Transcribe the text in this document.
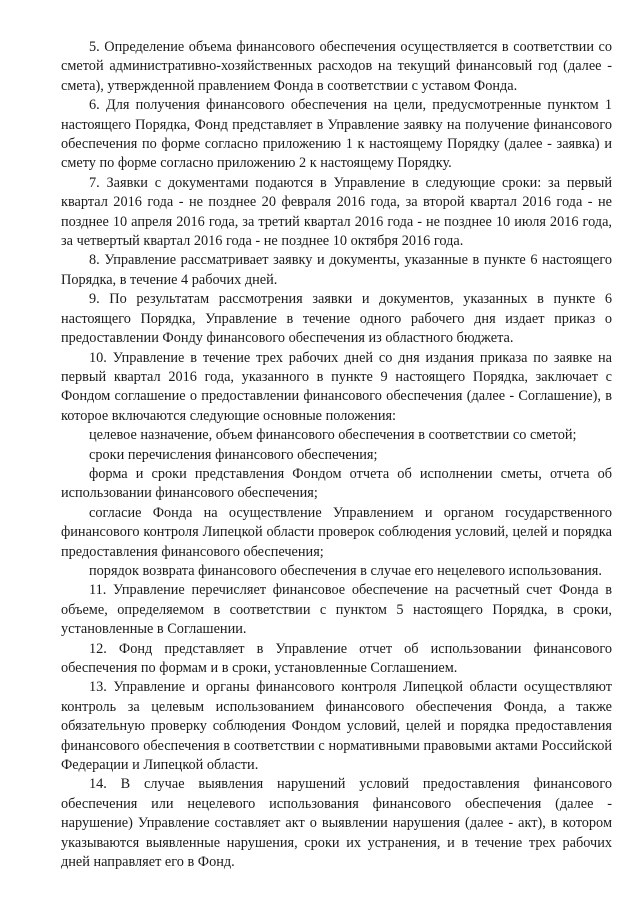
5. Определение объема финансового обеспечения осуществляется в соответствии со сметой административно-хозяйственных расходов на текущий финансовый год (далее - смета), утвержденной правлением Фонда в соответствии с уставом Фонда.

6. Для получения финансового обеспечения на цели, предусмотренные пунктом 1 настоящего Порядка, Фонд представляет в Управление заявку на получение финансового обеспечения по форме согласно приложению 1 к настоящему Порядку (далее - заявка) и смету по форме согласно приложению 2 к настоящему Порядку.

7. Заявки с документами подаются в Управление в следующие сроки: за первый квартал 2016 года - не позднее 20 февраля 2016 года, за второй квартал 2016 года - не позднее 10 апреля 2016 года, за третий квартал 2016 года - не позднее 10 июля 2016 года, за четвертый квартал 2016 года - не позднее 10 октября 2016 года.

8. Управление рассматривает заявку и документы, указанные в пункте 6 настоящего Порядка, в течение 4 рабочих дней.

9. По результатам рассмотрения заявки и документов, указанных в пункте 6 настоящего Порядка, Управление в течение одного рабочего дня издает приказ о предоставлении Фонду финансового обеспечения из областного бюджета.

10. Управление в течение трех рабочих дней со дня издания приказа по заявке на первый квартал 2016 года, указанного в пункте 9 настоящего Порядка, заключает с Фондом соглашение о предоставлении финансового обеспечения (далее - Соглашение), в которое включаются следующие основные положения:

целевое назначение, объем финансового обеспечения в соответствии со сметой;

сроки перечисления финансового обеспечения;

форма и сроки представления Фондом отчета об исполнении сметы, отчета об использовании финансового обеспечения;

согласие Фонда на осуществление Управлением и органом государственного финансового контроля Липецкой области проверок соблюдения условий, целей и порядка предоставления финансового обеспечения;

порядок возврата финансового обеспечения в случае его нецелевого использования.

11. Управление перечисляет финансовое обеспечение на расчетный счет Фонда в объеме, определяемом в соответствии с пунктом 5 настоящего Порядка, в сроки, установленные в Соглашении.

12. Фонд представляет в Управление отчет об использовании финансового обеспечения по формам и в сроки, установленные Соглашением.

13. Управление и органы финансового контроля Липецкой области осуществляют контроль за целевым использованием финансового обеспечения Фонда, а также обязательную проверку соблюдения Фондом условий, целей и порядка предоставления финансового обеспечения в соответствии с нормативными правовыми актами Российской Федерации и Липецкой области.

14. В случае выявления нарушений условий предоставления финансового обеспечения или нецелевого использования финансового обеспечения (далее - нарушение) Управление составляет акт о выявлении нарушения (далее - акт), в котором указываются выявленные нарушения, сроки их устранения, и в течение трех рабочих дней направляет его в Фонд.
